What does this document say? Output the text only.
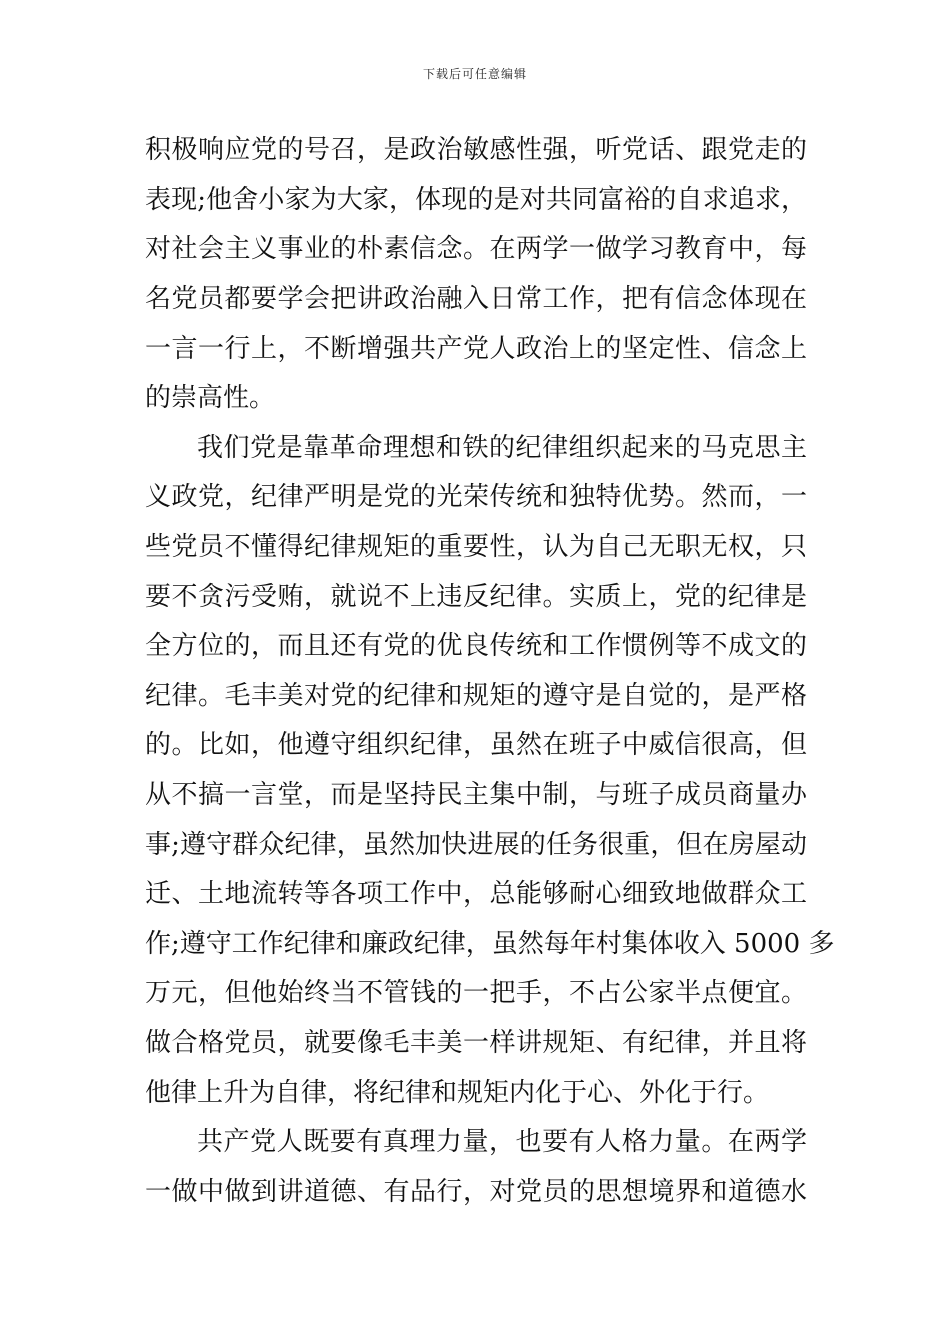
下载后可任意编辑
积极响应党的号召，是政治敏感性强，听党话、跟党走的
表现;他舍小家为大家，体现的是对共同富裕的自求追求，
对社会主义事业的朴素信念。在两学一做学习教育中，每
名党员都要学会把讲政治融入日常工作，把有信念体现在
一言一行上，不断增强共产党人政治上的坚定性、信念上
的崇高性。
我们党是靠革命理想和铁的纪律组织起来的马克思主
义政党，纪律严明是党的光荣传统和独特优势。然而，一
些党员不懂得纪律规矩的重要性，认为自己无职无权，只
要不贪污受贿，就说不上违反纪律。实质上，党的纪律是
全方位的，而且还有党的优良传统和工作惯例等不成文的
纪律。毛丰美对党的纪律和规矩的遵守是自觉的，是严格
的。比如，他遵守组织纪律，虽然在班子中威信很高，但
从不搞一言堂，而是坚持民主集中制，与班子成员商量办
事;遵守群众纪律，虽然加快进展的任务很重，但在房屋动
迁、土地流转等各项工作中，总能够耐心细致地做群众工
作;遵守工作纪律和廉政纪律，虽然每年村集体收入 5000 多
万元，但他始终当不管钱的一把手，不占公家半点便宜。
做合格党员，就要像毛丰美一样讲规矩、有纪律，并且将
他律上升为自律，将纪律和规矩内化于心、外化于行。
共产党人既要有真理力量，也要有人格力量。在两学
一做中做到讲道德、有品行，对党员的思想境界和道德水
